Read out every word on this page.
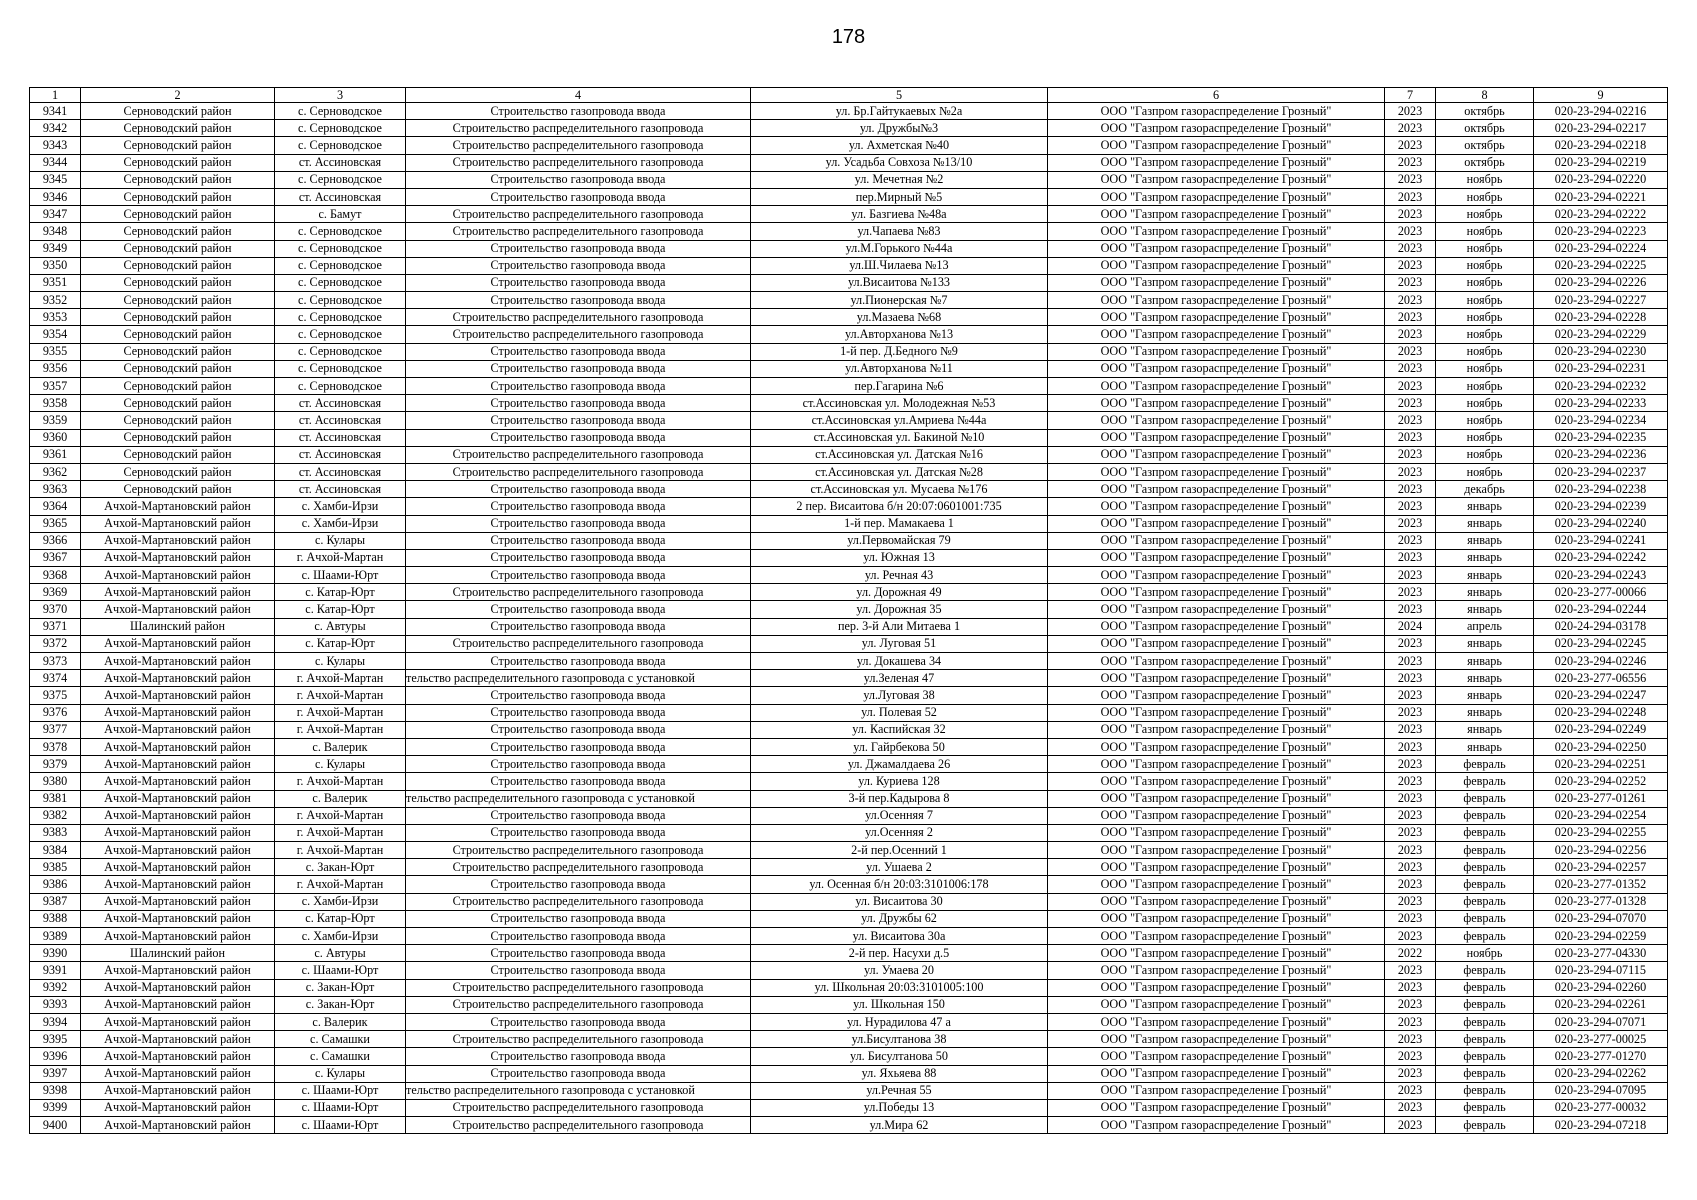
178
1	2	3	4	5	6	7	8	9
9341	Серноводский район	с. Серноводское	Строительство газопровода ввода	ул. Бр.Гайтукаевых №2а	ООО "Газпром газораспределение Грозный"	2023	октябрь	020-23-294-02216
9342	Серноводский район	с. Серноводское	Строительство распределительного газопровода	ул. Дружбы№3	ООО "Газпром газораспределение Грозный"	2023	октябрь	020-23-294-02217
9343	Серноводский район	с. Серноводское	Строительство распределительного газопровода	ул. Ахметская №40	ООО "Газпром газораспределение Грозный"	2023	октябрь	020-23-294-02218
9344	Серноводский район	ст. Ассиновская	Строительство распределительного газопровода	ул. Усадьба Совхоза №13/10	ООО "Газпром газораспределение Грозный"	2023	октябрь	020-23-294-02219
9345	Серноводский район	с. Серноводское	Строительство газопровода ввода	ул. Мечетная №2	ООО "Газпром газораспределение Грозный"	2023	ноябрь	020-23-294-02220
9346	Серноводский район	ст. Ассиновская	Строительство газопровода ввода	пер.Мирный №5	ООО "Газпром газораспределение Грозный"	2023	ноябрь	020-23-294-02221
9347	Серноводский район	с. Бамут	Строительство распределительного газопровода	ул. Базгиева №48а	ООО "Газпром газораспределение Грозный"	2023	ноябрь	020-23-294-02222
9348	Серноводский район	с. Серноводское	Строительство распределительного газопровода	ул.Чапаева №83	ООО "Газпром газораспределение Грозный"	2023	ноябрь	020-23-294-02223
9349	Серноводский район	с. Серноводское	Строительство газопровода ввода	ул.М.Горького №44а	ООО "Газпром газораспределение Грозный"	2023	ноябрь	020-23-294-02224
9350	Серноводский район	с. Серноводское	Строительство газопровода ввода	ул.Ш.Чилаева №13	ООО "Газпром газораспределение Грозный"	2023	ноябрь	020-23-294-02225
9351	Серноводский район	с. Серноводское	Строительство газопровода ввода	ул.Висаитова №133	ООО "Газпром газораспределение Грозный"	2023	ноябрь	020-23-294-02226
9352	Серноводский район	с. Серноводское	Строительство газопровода ввода	ул.Пионерская №7	ООО "Газпром газораспределение Грозный"	2023	ноябрь	020-23-294-02227
9353	Серноводский район	с. Серноводское	Строительство распределительного газопровода	ул.Мазаева №68	ООО "Газпром газораспределение Грозный"	2023	ноябрь	020-23-294-02228
9354	Серноводский район	с. Серноводское	Строительство распределительного газопровода	ул.Авторханова №13	ООО "Газпром газораспределение Грозный"	2023	ноябрь	020-23-294-02229
9355	Серноводский район	с. Серноводское	Строительство газопровода ввода	1-й пер. Д.Бедного №9	ООО "Газпром газораспределение Грозный"	2023	ноябрь	020-23-294-02230
9356	Серноводский район	с. Серноводское	Строительство газопровода ввода	ул.Авторханова №11	ООО "Газпром газораспределение Грозный"	2023	ноябрь	020-23-294-02231
9357	Серноводский район	с. Серноводское	Строительство газопровода ввода	пер.Гагарина №6	ООО "Газпром газораспределение Грозный"	2023	ноябрь	020-23-294-02232
9358	Серноводский район	ст. Ассиновская	Строительство газопровода ввода	ст.Ассиновская ул. Молодежная №53	ООО "Газпром газораспределение Грозный"	2023	ноябрь	020-23-294-02233
9359	Серноводский район	ст. Ассиновская	Строительство газопровода ввода	ст.Ассиновская ул.Амриева №44а	ООО "Газпром газораспределение Грозный"	2023	ноябрь	020-23-294-02234
9360	Серноводский район	ст. Ассиновская	Строительство газопровода ввода	ст.Ассиновская ул. Бакиной №10	ООО "Газпром газораспределение Грозный"	2023	ноябрь	020-23-294-02235
9361	Серноводский район	ст. Ассиновская	Строительство распределительного газопровода	ст.Ассиновская ул. Датская №16	ООО "Газпром газораспределение Грозный"	2023	ноябрь	020-23-294-02236
9362	Серноводский район	ст. Ассиновская	Строительство распределительного газопровода	ст.Ассиновская ул. Датская №28	ООО "Газпром газораспределение Грозный"	2023	ноябрь	020-23-294-02237
9363	Серноводский район	ст. Ассиновская	Строительство газопровода ввода	ст.Ассиновская ул. Мусаева №176	ООО "Газпром газораспределение Грозный"	2023	декабрь	020-23-294-02238
9364	Ачхой-Мартановский район	с. Хамби-Ирзи	Строительство газопровода ввода	2 пер. Висаитова б/н 20:07:0601001:735	ООО "Газпром газораспределение Грозный"	2023	январь	020-23-294-02239
9365	Ачхой-Мартановский район	с. Хамби-Ирзи	Строительство газопровода ввода	1-й пер. Мамакаева 1	ООО "Газпром газораспределение Грозный"	2023	январь	020-23-294-02240
9366	Ачхой-Мартановский район	с. Кулары	Строительство газопровода ввода	ул.Первомайская 79	ООО "Газпром газораспределение Грозный"	2023	январь	020-23-294-02241
9367	Ачхой-Мартановский район	г. Ачхой-Мартан	Строительство газопровода ввода	ул. Южная 13	ООО "Газпром газораспределение Грозный"	2023	январь	020-23-294-02242
9368	Ачхой-Мартановский район	с. Шаами-Юрт	Строительство газопровода ввода	ул. Речная 43	ООО "Газпром газораспределение Грозный"	2023	январь	020-23-294-02243
9369	Ачхой-Мартановский район	с. Катар-Юрт	Строительство распределительного газопровода	ул. Дорожная 49	ООО "Газпром газораспределение Грозный"	2023	январь	020-23-277-00066
9370	Ачхой-Мартановский район	с. Катар-Юрт	Строительство газопровода ввода	ул. Дорожная 35	ООО "Газпром газораспределение Грозный"	2023	январь	020-23-294-02244
9371	Шалинский район	с. Автуры	Строительство газопровода ввода	пер. 3-й Али Митаева 1	ООО "Газпром газораспределение Грозный"	2024	апрель	020-24-294-03178
9372	Ачхой-Мартановский район	с. Катар-Юрт	Строительство распределительного газопровода	ул. Луговая 51	ООО "Газпром газораспределение Грозный"	2023	январь	020-23-294-02245
9373	Ачхой-Мартановский район	с. Кулары	Строительство газопровода ввода	ул. Докашева 34	ООО "Газпром газораспределение Грозный"	2023	январь	020-23-294-02246
9374	Ачхой-Мартановский район	г. Ачхой-Мартан	тельство распределительного газопровода с установкой	ул.Зеленая 47	ООО "Газпром газораспределение Грозный"	2023	январь	020-23-277-06556
9375	Ачхой-Мартановский район	г. Ачхой-Мартан	Строительство газопровода ввода	ул.Луговая 38	ООО "Газпром газораспределение Грозный"	2023	январь	020-23-294-02247
9376	Ачхой-Мартановский район	г. Ачхой-Мартан	Строительство газопровода ввода	ул. Полевая 52	ООО "Газпром газораспределение Грозный"	2023	январь	020-23-294-02248
9377	Ачхой-Мартановский район	г. Ачхой-Мартан	Строительство газопровода ввода	ул. Каспийская 32	ООО "Газпром газораспределение Грозный"	2023	январь	020-23-294-02249
9378	Ачхой-Мартановский район	с. Валерик	Строительство газопровода ввода	ул. Гайрбекова 50	ООО "Газпром газораспределение Грозный"	2023	январь	020-23-294-02250
9379	Ачхой-Мартановский район	с. Кулары	Строительство газопровода ввода	ул. Джамалдаева 26	ООО "Газпром газораспределение Грозный"	2023	февраль	020-23-294-02251
9380	Ачхой-Мартановский район	г. Ачхой-Мартан	Строительство газопровода ввода	ул. Куриева 128	ООО "Газпром газораспределение Грозный"	2023	февраль	020-23-294-02252
9381	Ачхой-Мартановский район	с. Валерик	тельство распределительного газопровода с установкой	3-й пер.Кадырова 8	ООО "Газпром газораспределение Грозный"	2023	февраль	020-23-277-01261
9382	Ачхой-Мартановский район	г. Ачхой-Мартан	Строительство газопровода ввода	ул.Осенняя 7	ООО "Газпром газораспределение Грозный"	2023	февраль	020-23-294-02254
9383	Ачхой-Мартановский район	г. Ачхой-Мартан	Строительство газопровода ввода	ул.Осенняя 2	ООО "Газпром газораспределение Грозный"	2023	февраль	020-23-294-02255
9384	Ачхой-Мартановский район	г. Ачхой-Мартан	Строительство распределительного газопровода	2-й пер.Осенний 1	ООО "Газпром газораспределение Грозный"	2023	февраль	020-23-294-02256
9385	Ачхой-Мартановский район	с. Закан-Юрт	Строительство распределительного газопровода	ул. Ушаева 2	ООО "Газпром газораспределение Грозный"	2023	февраль	020-23-294-02257
9386	Ачхой-Мартановский район	г. Ачхой-Мартан	Строительство газопровода ввода	ул. Осенная б/н 20:03:3101006:178	ООО "Газпром газораспределение Грозный"	2023	февраль	020-23-277-01352
9387	Ачхой-Мартановский район	с. Хамби-Ирзи	Строительство распределительного газопровода	ул. Висаитова 30	ООО "Газпром газораспределение Грозный"	2023	февраль	020-23-277-01328
9388	Ачхой-Мартановский район	с. Катар-Юрт	Строительство газопровода ввода	ул. Дружбы 62	ООО "Газпром газораспределение Грозный"	2023	февраль	020-23-294-07070
9389	Ачхой-Мартановский район	с. Хамби-Ирзи	Строительство газопровода ввода	ул. Висаитова 30а	ООО "Газпром газораспределение Грозный"	2023	февраль	020-23-294-02259
9390	Шалинский район	с. Автуры	Строительство газопровода ввода	2-й пер. Насухи д.5	ООО "Газпром газораспределение Грозный"	2022	ноябрь	020-23-277-04330
9391	Ачхой-Мартановский район	с. Шаами-Юрт	Строительство газопровода ввода	ул. Умаева 20	ООО "Газпром газораспределение Грозный"	2023	февраль	020-23-294-07115
9392	Ачхой-Мартановский район	с. Закан-Юрт	Строительство распределительного газопровода	ул. Школьная 20:03:3101005:100	ООО "Газпром газораспределение Грозный"	2023	февраль	020-23-294-02260
9393	Ачхой-Мартановский район	с. Закан-Юрт	Строительство распределительного газопровода	ул. Школьная 150	ООО "Газпром газораспределение Грозный"	2023	февраль	020-23-294-02261
9394	Ачхой-Мартановский район	с. Валерик	Строительство газопровода ввода	ул. Нурадилова 47 а	ООО "Газпром газораспределение Грозный"	2023	февраль	020-23-294-07071
9395	Ачхой-Мартановский район	с. Самашки	Строительство распределительного газопровода	ул.Бисултанова 38	ООО "Газпром газораспределение Грозный"	2023	февраль	020-23-277-00025
9396	Ачхой-Мартановский район	с. Самашки	Строительство газопровода ввода	ул. Бисултанова 50	ООО "Газпром газораспределение Грозный"	2023	февраль	020-23-277-01270
9397	Ачхой-Мартановский район	с. Кулары	Строительство газопровода ввода	ул. Яхьяева 88	ООО "Газпром газораспределение Грозный"	2023	февраль	020-23-294-02262
9398	Ачхой-Мартановский район	с. Шаами-Юрт	тельство распределительного газопровода с установкой	ул.Речная 55	ООО "Газпром газораспределение Грозный"	2023	февраль	020-23-294-07095
9399	Ачхой-Мартановский район	с. Шаами-Юрт	Строительство распределительного газопровода	ул.Победы 13	ООО "Газпром газораспределение Грозный"	2023	февраль	020-23-277-00032
9400	Ачхой-Мартановский район	с. Шаами-Юрт	Строительство распределительного газопровода	ул.Мира 62	ООО "Газпром газораспределение Грозный"	2023	февраль	020-23-294-07218
